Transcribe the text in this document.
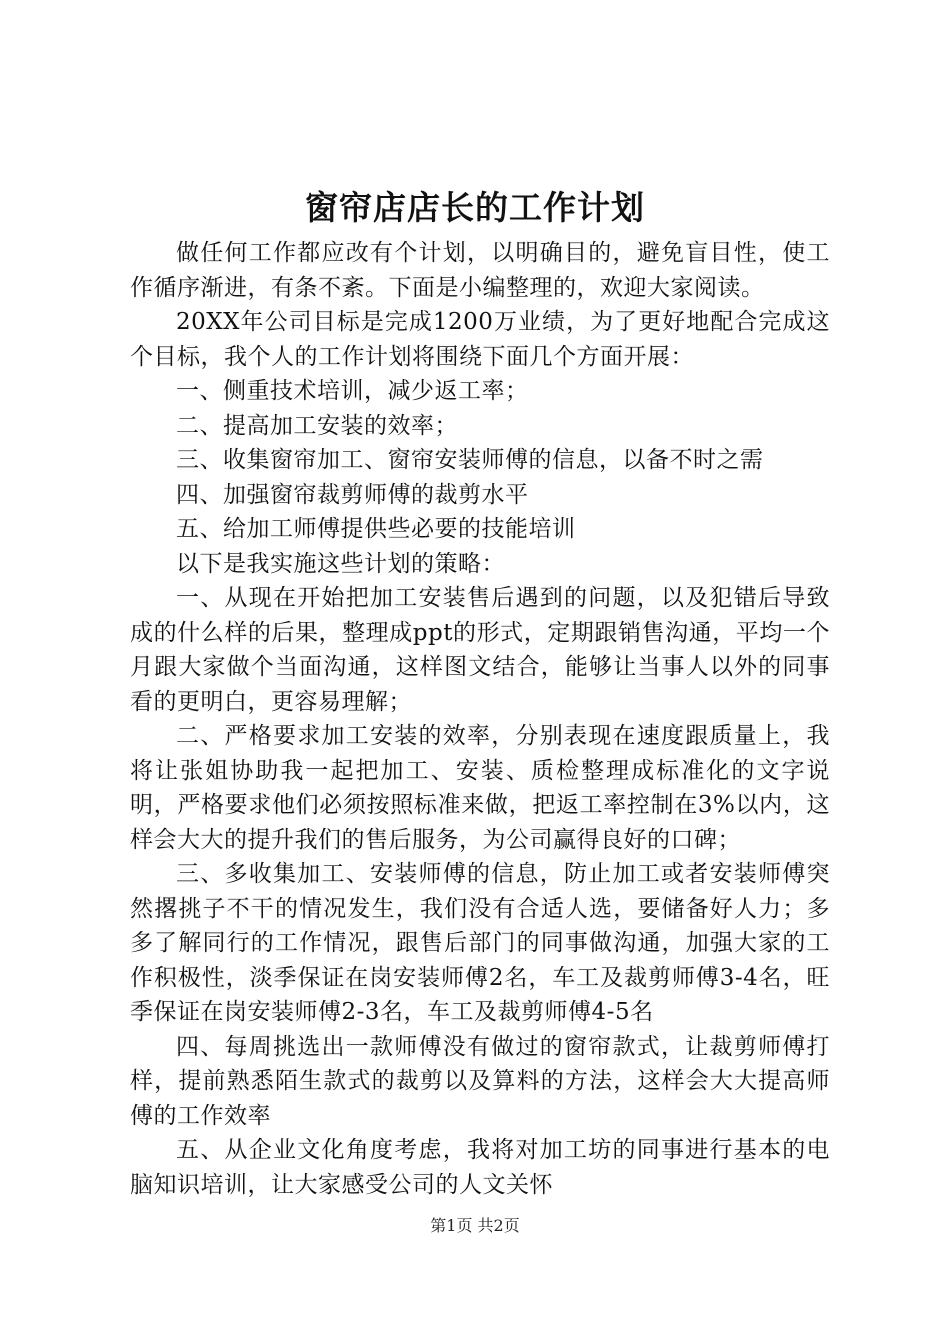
窗帘店店长的工作计划

做任何工作都应改有个计划，以明确目的，避免盲目性，使工作循序渐进，有条不紊。下面是小编整理的，欢迎大家阅读。

20XX年公司目标是完成1200万业绩，为了更好地配合完成这个目标，我个人的工作计划将围绕下面几个方面开展：

一、侧重技术培训，减少返工率；

二、提高加工安装的效率；

三、收集窗帘加工、窗帘安装师傅的信息，以备不时之需

四、加强窗帘裁剪师傅的裁剪水平

五、给加工师傅提供些必要的技能培训

以下是我实施这些计划的策略：

一、从现在开始把加工安装售后遇到的问题，以及犯错后导致成的什么样的后果，整理成ppt的形式，定期跟销售沟通，平均一个月跟大家做个当面沟通，这样图文结合，能够让当事人以外的同事看的更明白，更容易理解；

二、严格要求加工安装的效率，分别表现在速度跟质量上，我将让张姐协助我一起把加工、安装、质检整理成标准化的文字说明，严格要求他们必须按照标准来做，把返工率控制在3%以内，这样会大大的提升我们的售后服务，为公司赢得良好的口碑；

三、多收集加工、安装师傅的信息，防止加工或者安装师傅突然撂挑子不干的情况发生，我们没有合适人选，要储备好人力；多多了解同行的工作情况，跟售后部门的同事做沟通，加强大家的工作积极性，淡季保证在岗安装师傅2名，车工及裁剪师傅3-4名，旺季保证在岗安装师傅2-3名，车工及裁剪师傅4-5名

四、每周挑选出一款师傅没有做过的窗帘款式，让裁剪师傅打样，提前熟悉陌生款式的裁剪以及算料的方法，这样会大大提高师傅的工作效率

五、从企业文化角度考虑，我将对加工坊的同事进行基本的电脑知识培训，让大家感受公司的人文关怀

第1页 共2页
